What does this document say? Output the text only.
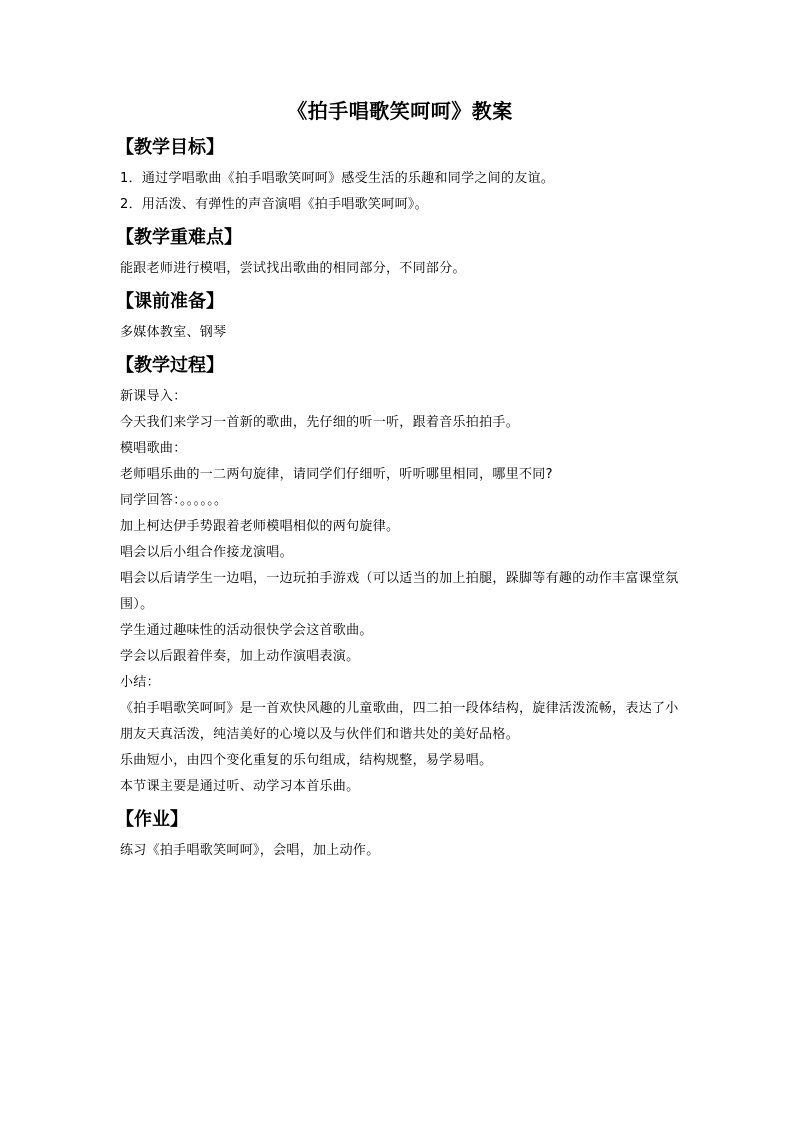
《拍手唱歌笑呵呵》教案
【教学目标】

1．通过学唱歌曲《拍手唱歌笑呵呵》感受生活的乐趣和同学之间的友谊。

2．用活泼、有弹性的声音演唱《拍手唱歌笑呵呵》。

【教学重难点】

能跟老师进行模唱，尝试找出歌曲的相同部分，不同部分。

【课前准备】

多媒体教室、钢琴

【教学过程】

新课导入：

今天我们来学习一首新的歌曲，先仔细的听一听，跟着音乐拍拍手。

模唱歌曲：

老师唱乐曲的一二两句旋律，请同学们仔细听，听听哪里相同，哪里不同?

同学回答：。。。。。。

加上柯达伊手势跟着老师模唱相似的两句旋律。

唱会以后小组合作接龙演唱。

唱会以后请学生一边唱，一边玩拍手游戏（可以适当的加上拍腿，跺脚等有趣的动作丰富课堂氛围）。

学生通过趣味性的活动很快学会这首歌曲。

学会以后跟着伴奏，加上动作演唱表演。

小结：

《拍手唱歌笑呵呵》是一首欢快风趣的儿童歌曲，四二拍一段体结构，旋律活泼流畅，表达了小朋友天真活泼，纯洁美好的心境以及与伙伴们和谐共处的美好品格。

乐曲短小，由四个变化重复的乐句组成，结构规整，易学易唱。

本节课主要是通过听、动学习本首乐曲。

【作业】

练习《拍手唱歌笑呵呵》，会唱，加上动作。
